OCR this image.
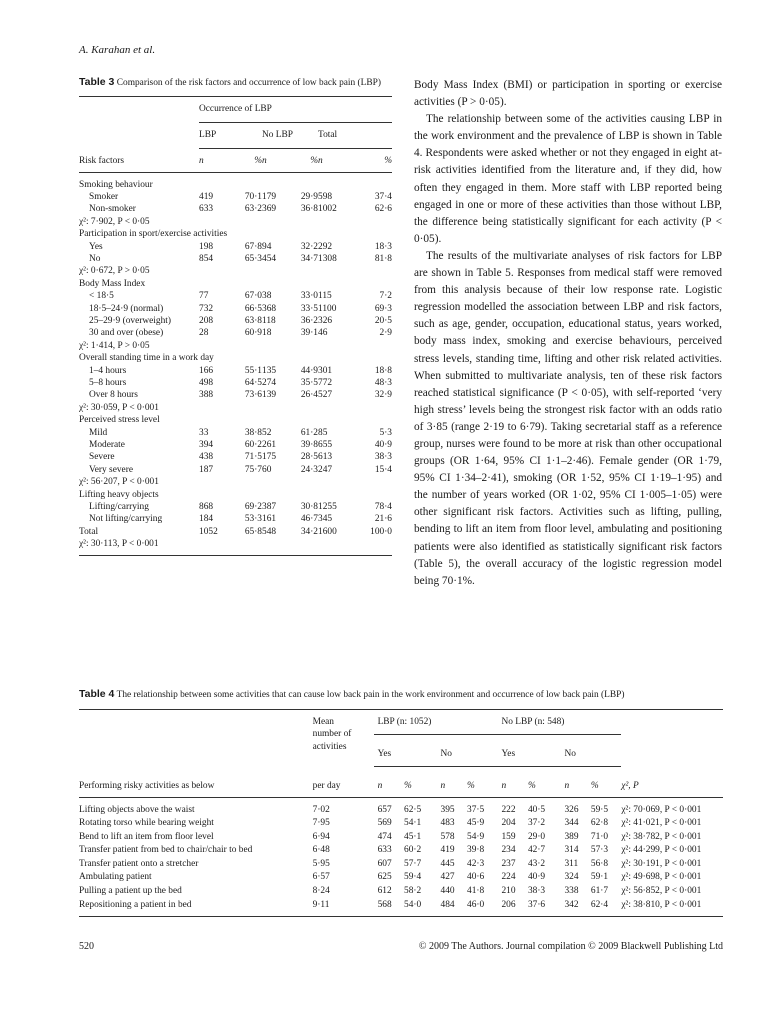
A. Karahan et al.
Table 3 Comparison of the risk factors and occurrence of low back pain (LBP)

	Occurrence of LBP					

	LBP		No LBP		Total	

Risk factors	n	%	n	%	n	%
Smoking behaviour						
Smoker	419	70·1	179	29·9	598	37·4
Non-smoker	633	63·2	369	36·8	1002	62·6
χ²: 7·902, P < 0·05						
Participation in sport/exercise activities						
Yes	198	67·8	94	32·2	292	18·3
No	854	65·3	454	34·7	1308	81·8
χ²: 0·672, P > 0·05						
Body Mass Index						
< 18·5	77	67·0	38	33·0	115	7·2
18·5–24·9 (normal)	732	66·5	368	33·5	1100	69·3
25–29·9 (overweight)	208	63·8	118	36·2	326	20·5
30 and over (obese)	28	60·9	18	39·1	46	2·9
χ²: 1·414, P > 0·05						
Overall standing time in a work day						
1–4 hours	166	55·1	135	44·9	301	18·8
5–8 hours	498	64·5	274	35·5	772	48·3
Over 8 hours	388	73·6	139	26·4	527	32·9
χ²: 30·059, P < 0·001						
Perceived stress level						
Mild	33	38·8	52	61·2	85	5·3
Moderate	394	60·2	261	39·8	655	40·9
Severe	438	71·5	175	28·5	613	38·3
Very severe	187	75·7	60	24·3	247	15·4
χ²: 56·207, P < 0·001						
Lifting heavy objects						
Lifting/carrying	868	69·2	387	30·8	1255	78·4
Not lifting/carrying	184	53·3	161	46·7	345	21·6
Total	1052	65·8	548	34·2	1600	100·0
χ²: 30·113, P < 0·001						

Body Mass Index (BMI) or participation in sporting or exercise activities (P > 0·05).

The relationship between some of the activities causing LBP in the work environment and the prevalence of LBP is shown in Table 4. Respondents were asked whether or not they engaged in eight at-risk activities identified from the literature and, if they did, how often they engaged in them. More staff with LBP reported being engaged in one or more of these activities than those without LBP, the difference being statistically significant for each activity (P < 0·05).

The results of the multivariate analyses of risk factors for LBP are shown in Table 5. Responses from medical staff were removed from this analysis because of their low response rate. Logistic regression modelled the association between LBP and risk factors, such as age, gender, occupation, educational status, years worked, body mass index, smoking and exercise behaviours, perceived stress levels, standing time, lifting and other risk related activities. When submitted to multivariate analysis, ten of these risk factors reached statistical significance (P < 0·05), with self-reported ‘very high stress’ levels being the strongest risk factor with an odds ratio of 3·85 (range 2·19 to 6·79). Taking secretarial staff as a reference group, nurses were found to be more at risk than other occupational groups (OR 1·64, 95% CI 1·1–2·46). Female gender (OR 1·79, 95% CI 1·34–2·41), smoking (OR 1·52, 95% CI 1·19–1·95) and the number of years worked (OR 1·02, 95% CI 1·005–1·05) were other significant risk factors. Activities such as lifting, pulling, bending to lift an item from floor level, ambulating and positioning patients were also identified as statistically significant risk factors (Table 5), the overall accuracy of the logistic regression model being 70·1%.

Table 4 The relationship between some activities that can cause low back pain in the work environment and occurrence of low back pain (LBP)

	Mean
number of
activities	LBP (n: 1052)				No LBP (n: 548)				

		Yes		No		Yes		No		

Performing risky activities as below	per day	n	%	n	%	n	%	n	%	χ², P
Lifting objects above the waist	7·02	657	62·5	395	37·5	222	40·5	326	59·5	χ²: 70·069, P < 0·001
Rotating torso while bearing weight	7·95	569	54·1	483	45·9	204	37·2	344	62·8	χ²: 41·021, P < 0·001
Bend to lift an item from floor level	6·94	474	45·1	578	54·9	159	29·0	389	71·0	χ²: 38·782, P < 0·001
Transfer patient from bed to chair/chair to bed	6·48	633	60·2	419	39·8	234	42·7	314	57·3	χ²: 44·299, P < 0·001
Transfer patient onto a stretcher	5·95	607	57·7	445	42·3	237	43·2	311	56·8	χ²: 30·191, P < 0·001
Ambulating patient	6·57	625	59·4	427	40·6	224	40·9	324	59·1	χ²: 49·698, P < 0·001
Pulling a patient up the bed	8·24	612	58·2	440	41·8	210	38·3	338	61·7	χ²: 56·852, P < 0·001
Repositioning a patient in bed	9·11	568	54·0	484	46·0	206	37·6	342	62·4	χ²: 38·810, P < 0·001
520	© 2009 The Authors. Journal compilation © 2009 Blackwell Publishing Ltd
